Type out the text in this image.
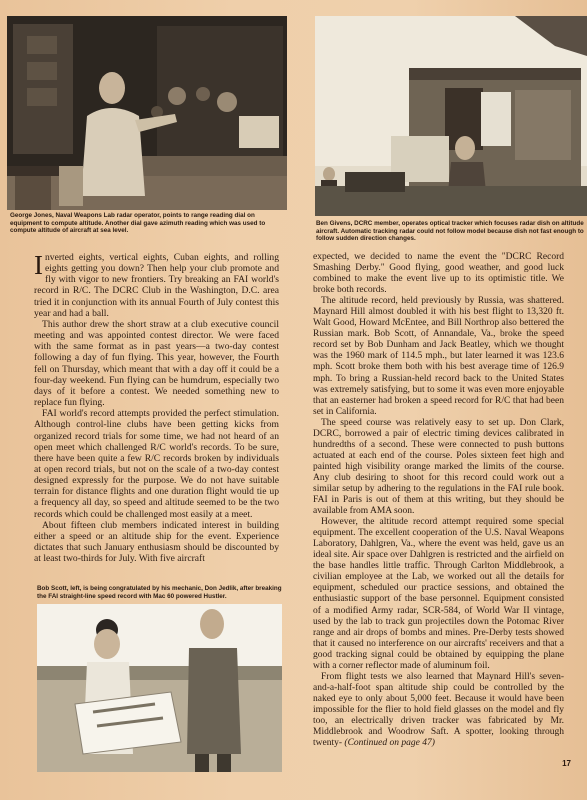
George Jones, Naval Weapons Lab radar operator, points to range reading dial on equipment to compute altitude. Another dial gave azimuth reading which was used to compute altitude of aircraft at sea level.

Ben Givens, DCRC member, operates optical tracker which focuses radar dish on altitude aircraft. Automatic tracking radar could not follow model because dish not fast enough to follow sudden direction changes.

Inverted eights, vertical eights, Cuban eights, and rolling eights getting you down? Then help your club promote and fly with vigor to new frontiers. Try breaking an FAI world's record in R/C. The DCRC Club in the Washington, D.C. area tried it in conjunction with its annual Fourth of July contest this year and had a ball.

This author drew the short straw at a club executive council meeting and was appointed contest director. We were faced with the same format as in past years—a two-day contest following a day of fun flying. This year, however, the Fourth fell on Thursday, which meant that with a day off it could be a four-day weekend. Fun flying can be humdrum, especially two days of it before a contest. We needed something new to replace fun flying.

FAI world's record attempts provided the perfect stimulation. Although control-line clubs have been getting kicks from organized record trials for some time, we had not heard of an open meet which challenged R/C world's records. To be sure, there have been quite a few R/C records broken by individuals at open record trials, but not on the scale of a two-day contest designed expressly for the purpose. We do not have suitable terrain for distance flights and one duration flight would tie up a frequency all day, so speed and altitude seemed to be the two records which could be challenged most easily at a meet.

About fifteen club members indicated interest in building either a speed or an altitude ship for the event. Experience dictates that such January enthusiasm should be discounted by at least two-thirds for July. With five aircraft

Bob Scott, left, is being congratulated by his mechanic, Don Jedlik, after breaking the FAI straight-line speed record with Mac 60 powered Hustler.

expected, we decided to name the event the "DCRC Record Smashing Derby." Good flying, good weather, and good luck combined to make the event live up to its optimistic title. We broke both records.

The altitude record, held previously by Russia, was shattered. Maynard Hill almost doubled it with his best flight to 13,320 ft. Walt Good, Howard McEntee, and Bill Northrop also bettered the Russian mark. Bob Scott, of Annandale, Va., broke the speed record set by Bob Dunham and Jack Beatley, which we thought was the 1960 mark of 114.5 mph., but later learned it was 123.6 mph. Scott broke them both with his best average time of 126.9 mph. To bring a Russian-held record back to the United States was extremely satisfying, but to some it was even more enjoyable that an easterner had broken a speed record for R/C that had been set in California.

The speed course was relatively easy to set up. Don Clark, DCRC, borrowed a pair of electric timing devices calibrated in hundredths of a second. These were connected to push buttons actuated at each end of the course. Poles sixteen feet high and painted high visibility orange marked the limits of the course. Any club desiring to shoot for this record could work out a similar setup by adhering to the regulations in the FAI rule book. FAI in Paris is out of them at this writing, but they should be available from AMA soon.

However, the altitude record attempt required some special equipment. The excellent cooperation of the U.S. Naval Weapons Laboratory, Dahlgren, Va., where the event was held, gave us an ideal site. Air space over Dahlgren is restricted and the airfield on the base handles little traffic. Through Carlton Middlebrook, a civilian employee at the Lab, we worked out all the details for equipment, scheduled our practice sessions, and obtained the enthusiastic support of the base personnel. Equipment consisted of a modified Army radar, SCR-584, of World War II vintage, used by the lab to track gun projectiles down the Potomac River range and air drops of bombs and mines. Pre-Derby tests showed that it caused no interference on our aircrafts' receivers and that a good tracking signal could be obtained by equipping the plane with a corner reflector made of aluminum foil.

From flight tests we also learned that Maynard Hill's seven-and-a-half-foot span altitude ship could be controlled by the naked eye to only about 5,000 feet. Because it would have been impossible for the flier to hold field glasses on the model and fly too, an electrically driven tracker was fabricated by Mr. Middlebrook and Woodrow Saft. A spotter, looking through twenty- (Continued on page 47)

17
